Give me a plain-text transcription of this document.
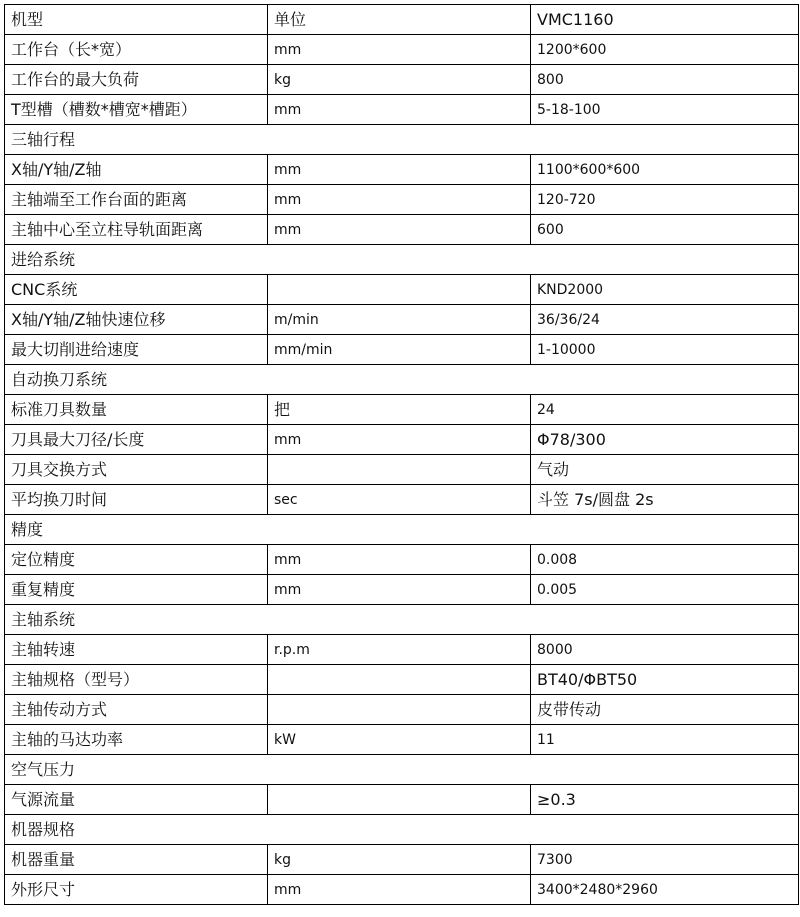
机型	单位	VMC1160
工作台（长*宽）	mm	1200*600
工作台的最大负荷	kg	800
T型槽（槽数*槽宽*槽距）	mm	5-18-100
三轴行程		
X轴/Y轴/Z轴	mm	1100*600*600
主轴端至工作台面的距离	mm	120-720
主轴中心至立柱导轨面距离	mm	600
进给系统		
CNC系统		KND2000
X轴/Y轴/Z轴快速位移	m/min	36/36/24
最大切削进给速度	mm/min	1-10000
自动换刀系统		
标准刀具数量	把	24
刀具最大刀径/长度	mm	Φ78/300
刀具交换方式		气动
平均换刀时间	sec	斗笠 7s/圆盘 2s
精度		
定位精度	mm	0.008
重复精度	mm	0.005
主轴系统		
主轴转速	r.p.m	8000
主轴规格（型号）		BT40/ΦBT50
主轴传动方式		皮带传动
主轴的马达功率	kW	11
空气压力		
气源流量		≥0.3
机器规格		
机器重量	kg	7300
外形尺寸	mm	3400*2480*2960
